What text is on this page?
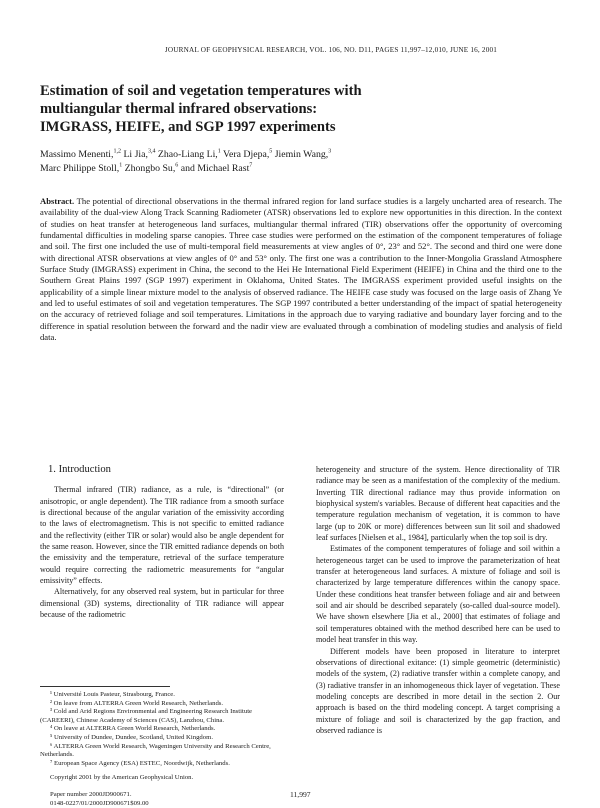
JOURNAL OF GEOPHYSICAL RESEARCH, VOL. 106, NO. D11, PAGES 11,997–12,010, JUNE 16, 2001
Estimation of soil and vegetation temperatures with
multiangular thermal infrared observations:
IMGRASS, HEIFE, and SGP 1997 experiments
Massimo Menenti,$^{1,2}$ Li Jia,$^{3,4}$ Zhao-Liang Li,$^1$ Vera Djepa,$^5$ Jiemin Wang,$^3$
Marc Philippe Stoll,$^1$ Zhongbo Su,$^6$ and Michael Rast$^7$
Abstract. The potential of directional observations in the thermal infrared region for land surface studies is a largely uncharted area of research. The availability of the dual-view Along Track Scanning Radiometer (ATSR) observations led to explore new opportunities in this direction. In the context of studies on heat transfer at heterogeneous land surfaces, multiangular thermal infrared (TIR) observations offer the opportunity of overcoming fundamental difficulties in modeling sparse canopies. Three case studies were performed on the estimation of the component temperatures of foliage and soil. The first one included the use of multi-temporal field measurements at view angles of 0°, 23° and 52°. The second and third one were done with directional ATSR observations at view angles of 0° and 53° only. The first one was a contribution to the Inner-Mongolia Grassland Atmosphere Surface Study (IMGRASS) experiment in China, the second to the Hei He International Field Experiment (HEIFE) in China and the third one to the Southern Great Plains 1997 (SGP 1997) experiment in Oklahoma, United States. The IMGRASS experiment provided useful insights on the applicability of a simple linear mixture model to the analysis of observed radiance. The HEIFE case study was focused on the large oasis of Zhang Ye and led to useful estimates of soil and vegetation temperatures. The SGP 1997 contributed a better understanding of the impact of spatial heterogeneity on the accuracy of retrieved foliage and soil temperatures. Limitations in the approach due to varying radiative and boundary layer forcing and to the difference in spatial resolution between the forward and the nadir view are evaluated through a combination of modeling studies and analysis of field data.
1. Introduction

Thermal infrared (TIR) radiance, as a rule, is “directional” (or anisotropic, or angle dependent). The TIR radiance from a smooth surface is directional because of the angular variation of the emissivity according to the laws of electromagnetism. This is not specific to emitted radiance and the reflectivity (either TIR or solar) would also be angle dependent for the same reason. However, since the TIR emitted radiance depends on both the emissivity and the temperature, retrieval of the surface temperature would require correcting the radiometric measurements for “angular emissivity” effects.

Alternatively, for any observed real system, but in particular for three dimensional (3D) systems, directionality of TIR radiance will appear because of the radiometric

¹ Université Louis Pasteur, Strasbourg, France.

² On leave from ALTERRA Green World Research, Netherlands.

³ Cold and Arid Regions Environmental and Engineering Research Institute (CAREERI), Chinese Academy of Sciences (CAS), Lanzhou, China.

⁴ On leave at ALTERRA Green World Research, Netherlands.

⁵ University of Dundee, Dundee, Scotland, United Kingdom.

⁶ ALTERRA Green World Research, Wageningen University and Research Centre, Netherlands.

⁷ European Space Agency (ESA) ESTEC, Noordwijk, Netherlands.

Copyright 2001 by the American Geophysical Union.

Paper number 2000JD900671.

0148-0227/01/2000JD900671$09.00

heterogeneity and structure of the system. Hence directionality of TIR radiance may be seen as a manifestation of the complexity of the medium. Inverting TIR directional radiance may thus provide information on biophysical system's variables. Because of different heat capacities and the temperature regulation mechanism of vegetation, it is common to have large (up to 20K or more) differences between sun lit soil and shadowed leaf surfaces [Nielsen et al., 1984], particularly when the top soil is dry.

Estimates of the component temperatures of foliage and soil within a heterogeneous target can be used to improve the parameterization of heat transfer at heterogeneous land surfaces. A mixture of foliage and soil is characterized by large temperature differences within the canopy space. Under these conditions heat transfer between foliage and air and between soil and air should be described separately (so-called dual-source model). We have shown elsewhere [Jia et al., 2000] that estimates of foliage and soil temperatures obtained with the method described here can be used to model heat transfer in this way.

Different models have been proposed in literature to interpret observations of directional exitance: (1) simple geometric (deterministic) models of the system, (2) radiative transfer within a complete canopy, and (3) radiative transfer in an inhomogeneous thick layer of vegetation. These modeling concepts are described in more detail in the section 2. Our approach is based on the third modeling concept. A target comprising a mixture of foliage and soil is characterized by the gap fraction, and observed radiance is

11,997
